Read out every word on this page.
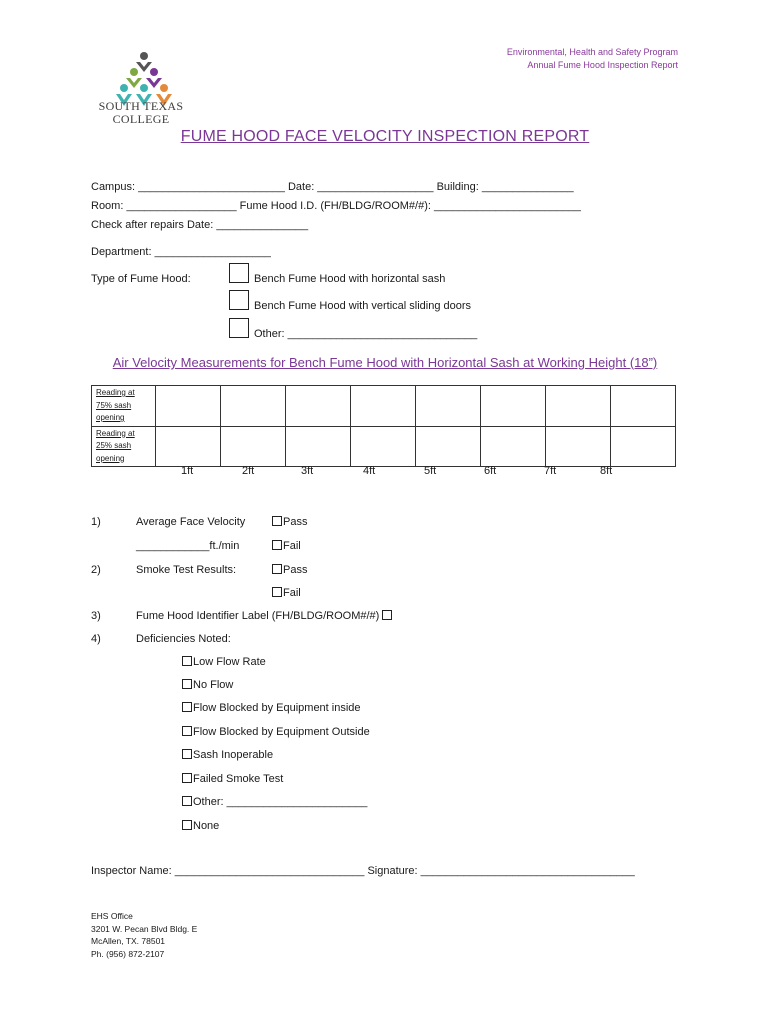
SOUTH TEXAS
COLLEGE
Environmental, Health and Safety Program
Annual Fume Hood Inspection Report
FUME HOOD FACE VELOCITY INSPECTION REPORT
Campus: ________________________ Date: ___________________ Building: _______________
Room: __________________ Fume Hood I.D. (FH/BLDG/ROOM#/#): ________________________
Check after repairs Date: _______________
Department: ___________________
Type of Fume Hood:	Bench Fume Hood with horizontal sash
Bench Fume Hood with vertical sliding doors
Other: _______________________________
Air Velocity Measurements for Bench Fume Hood with Horizontal Sash at Working Height (18”)
Reading at 75% sash opening								
Reading at 25% sash opening								
1ft	2ft	3ft	4ft	5ft	6ft	7ft	8ft
1)	Average Face Velocity	Pass
____________ft./min	Fail
2)	Smoke Test Results:	Pass
Fail
3)	Fume Hood Identifier Label (FH/BLDG/ROOM#/#)
4)	Deficiencies Noted:
Low Flow Rate
No Flow
Flow Blocked by Equipment inside
Flow Blocked by Equipment Outside
Sash Inoperable
Failed Smoke Test
Other: _______________________
None
Inspector Name: _______________________________ Signature: ___________________________________
EHS Office
3201 W. Pecan Blvd Bldg. E
McAllen, TX. 78501
Ph. (956) 872-2107
